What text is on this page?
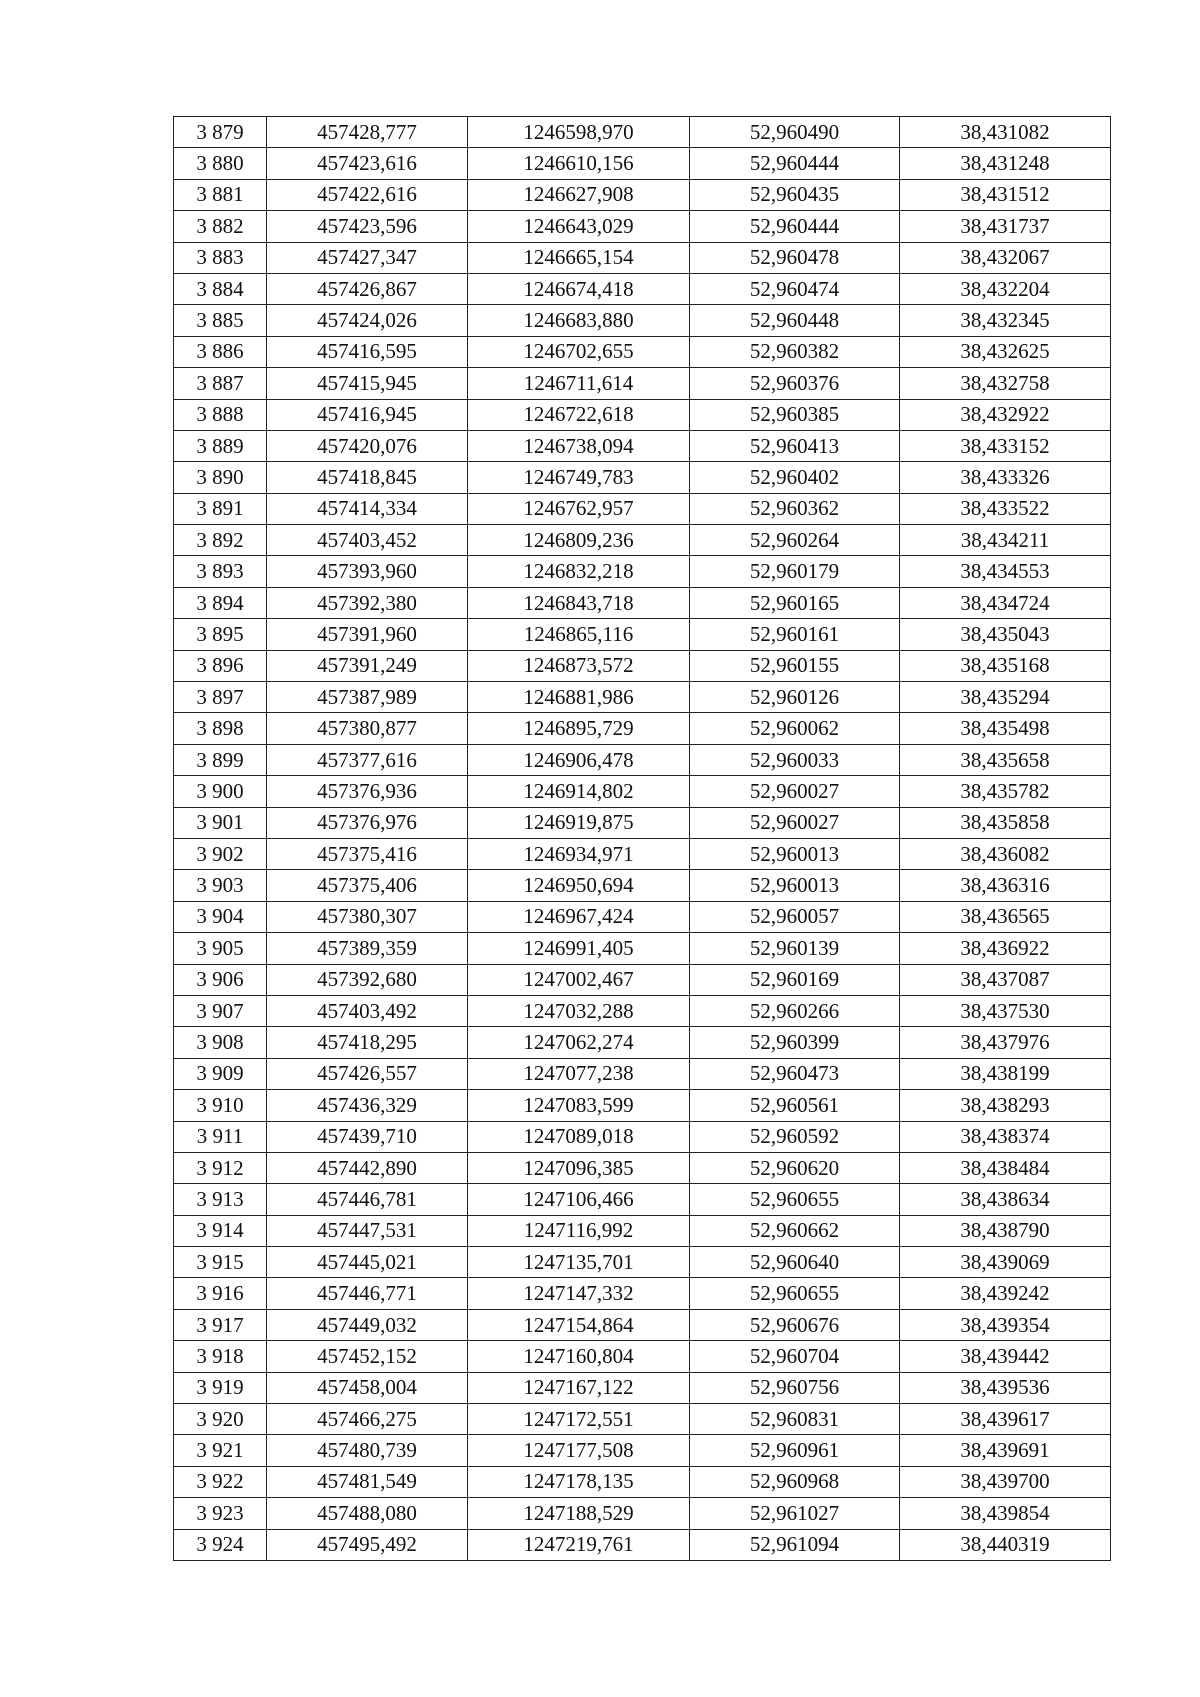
3 879	457428,777	1246598,970	52,960490	38,431082
3 880	457423,616	1246610,156	52,960444	38,431248
3 881	457422,616	1246627,908	52,960435	38,431512
3 882	457423,596	1246643,029	52,960444	38,431737
3 883	457427,347	1246665,154	52,960478	38,432067
3 884	457426,867	1246674,418	52,960474	38,432204
3 885	457424,026	1246683,880	52,960448	38,432345
3 886	457416,595	1246702,655	52,960382	38,432625
3 887	457415,945	1246711,614	52,960376	38,432758
3 888	457416,945	1246722,618	52,960385	38,432922
3 889	457420,076	1246738,094	52,960413	38,433152
3 890	457418,845	1246749,783	52,960402	38,433326
3 891	457414,334	1246762,957	52,960362	38,433522
3 892	457403,452	1246809,236	52,960264	38,434211
3 893	457393,960	1246832,218	52,960179	38,434553
3 894	457392,380	1246843,718	52,960165	38,434724
3 895	457391,960	1246865,116	52,960161	38,435043
3 896	457391,249	1246873,572	52,960155	38,435168
3 897	457387,989	1246881,986	52,960126	38,435294
3 898	457380,877	1246895,729	52,960062	38,435498
3 899	457377,616	1246906,478	52,960033	38,435658
3 900	457376,936	1246914,802	52,960027	38,435782
3 901	457376,976	1246919,875	52,960027	38,435858
3 902	457375,416	1246934,971	52,960013	38,436082
3 903	457375,406	1246950,694	52,960013	38,436316
3 904	457380,307	1246967,424	52,960057	38,436565
3 905	457389,359	1246991,405	52,960139	38,436922
3 906	457392,680	1247002,467	52,960169	38,437087
3 907	457403,492	1247032,288	52,960266	38,437530
3 908	457418,295	1247062,274	52,960399	38,437976
3 909	457426,557	1247077,238	52,960473	38,438199
3 910	457436,329	1247083,599	52,960561	38,438293
3 911	457439,710	1247089,018	52,960592	38,438374
3 912	457442,890	1247096,385	52,960620	38,438484
3 913	457446,781	1247106,466	52,960655	38,438634
3 914	457447,531	1247116,992	52,960662	38,438790
3 915	457445,021	1247135,701	52,960640	38,439069
3 916	457446,771	1247147,332	52,960655	38,439242
3 917	457449,032	1247154,864	52,960676	38,439354
3 918	457452,152	1247160,804	52,960704	38,439442
3 919	457458,004	1247167,122	52,960756	38,439536
3 920	457466,275	1247172,551	52,960831	38,439617
3 921	457480,739	1247177,508	52,960961	38,439691
3 922	457481,549	1247178,135	52,960968	38,439700
3 923	457488,080	1247188,529	52,961027	38,439854
3 924	457495,492	1247219,761	52,961094	38,440319
